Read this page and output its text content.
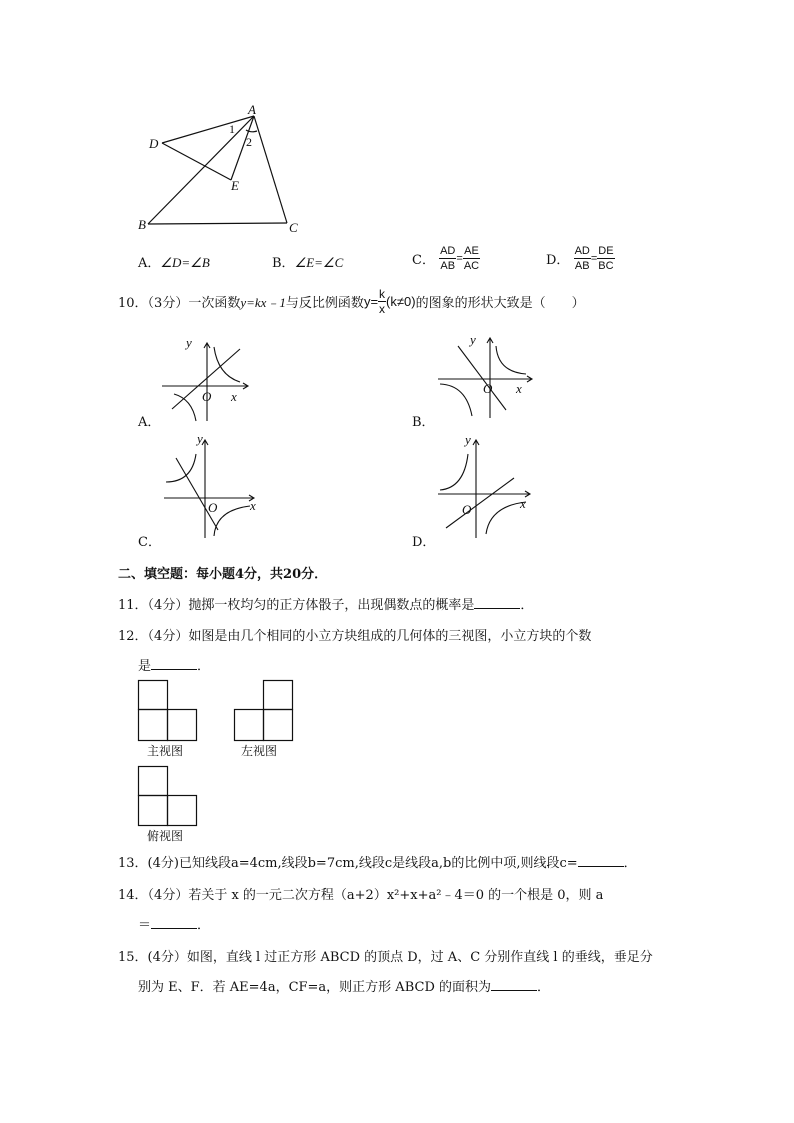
A
B	C
D
E
1
2
A．∠D=∠B	B．∠E=∠C	C． $\frac{AD}{AB} = \frac{AE}{AC}$	D． $\frac{AD}{AB} = \frac{DE}{BC}$
10．（3分）一次函数y=kx﹣1与反比例函数$y= \frac{k}{x} (k\ne 0)$的图象的形状大致是（　　）
y
O x
y
O x
y
O	x
y
O	x
A．	B．
C．	D．
二、填空题：每小题4分，共20分．
11．（4分）抛掷一枚均匀的正方体骰子，出现偶数点的概率是	．
12．（4分）如图是由几个相同的小立方块组成的几何体的三视图，小立方块的个数
是	．
主视图	左视图
俯视图
13．(4分)已知线段a=4cm,线段b=7cm,线段c是线段a,b的比例中项,则线段c=	．
14．（4分）若关于 x 的一元二次方程（a+2）x²+x+a²﹣4＝0 的一个根是 0，则 a
＝	．
15．(4分）如图，直线 l 过正方形 ABCD 的顶点 D，过 A、C 分别作直线 l 的垂线，垂足分
别为 E、F．若 AE=4a，CF=a，则正方形 ABCD 的面积为	．
